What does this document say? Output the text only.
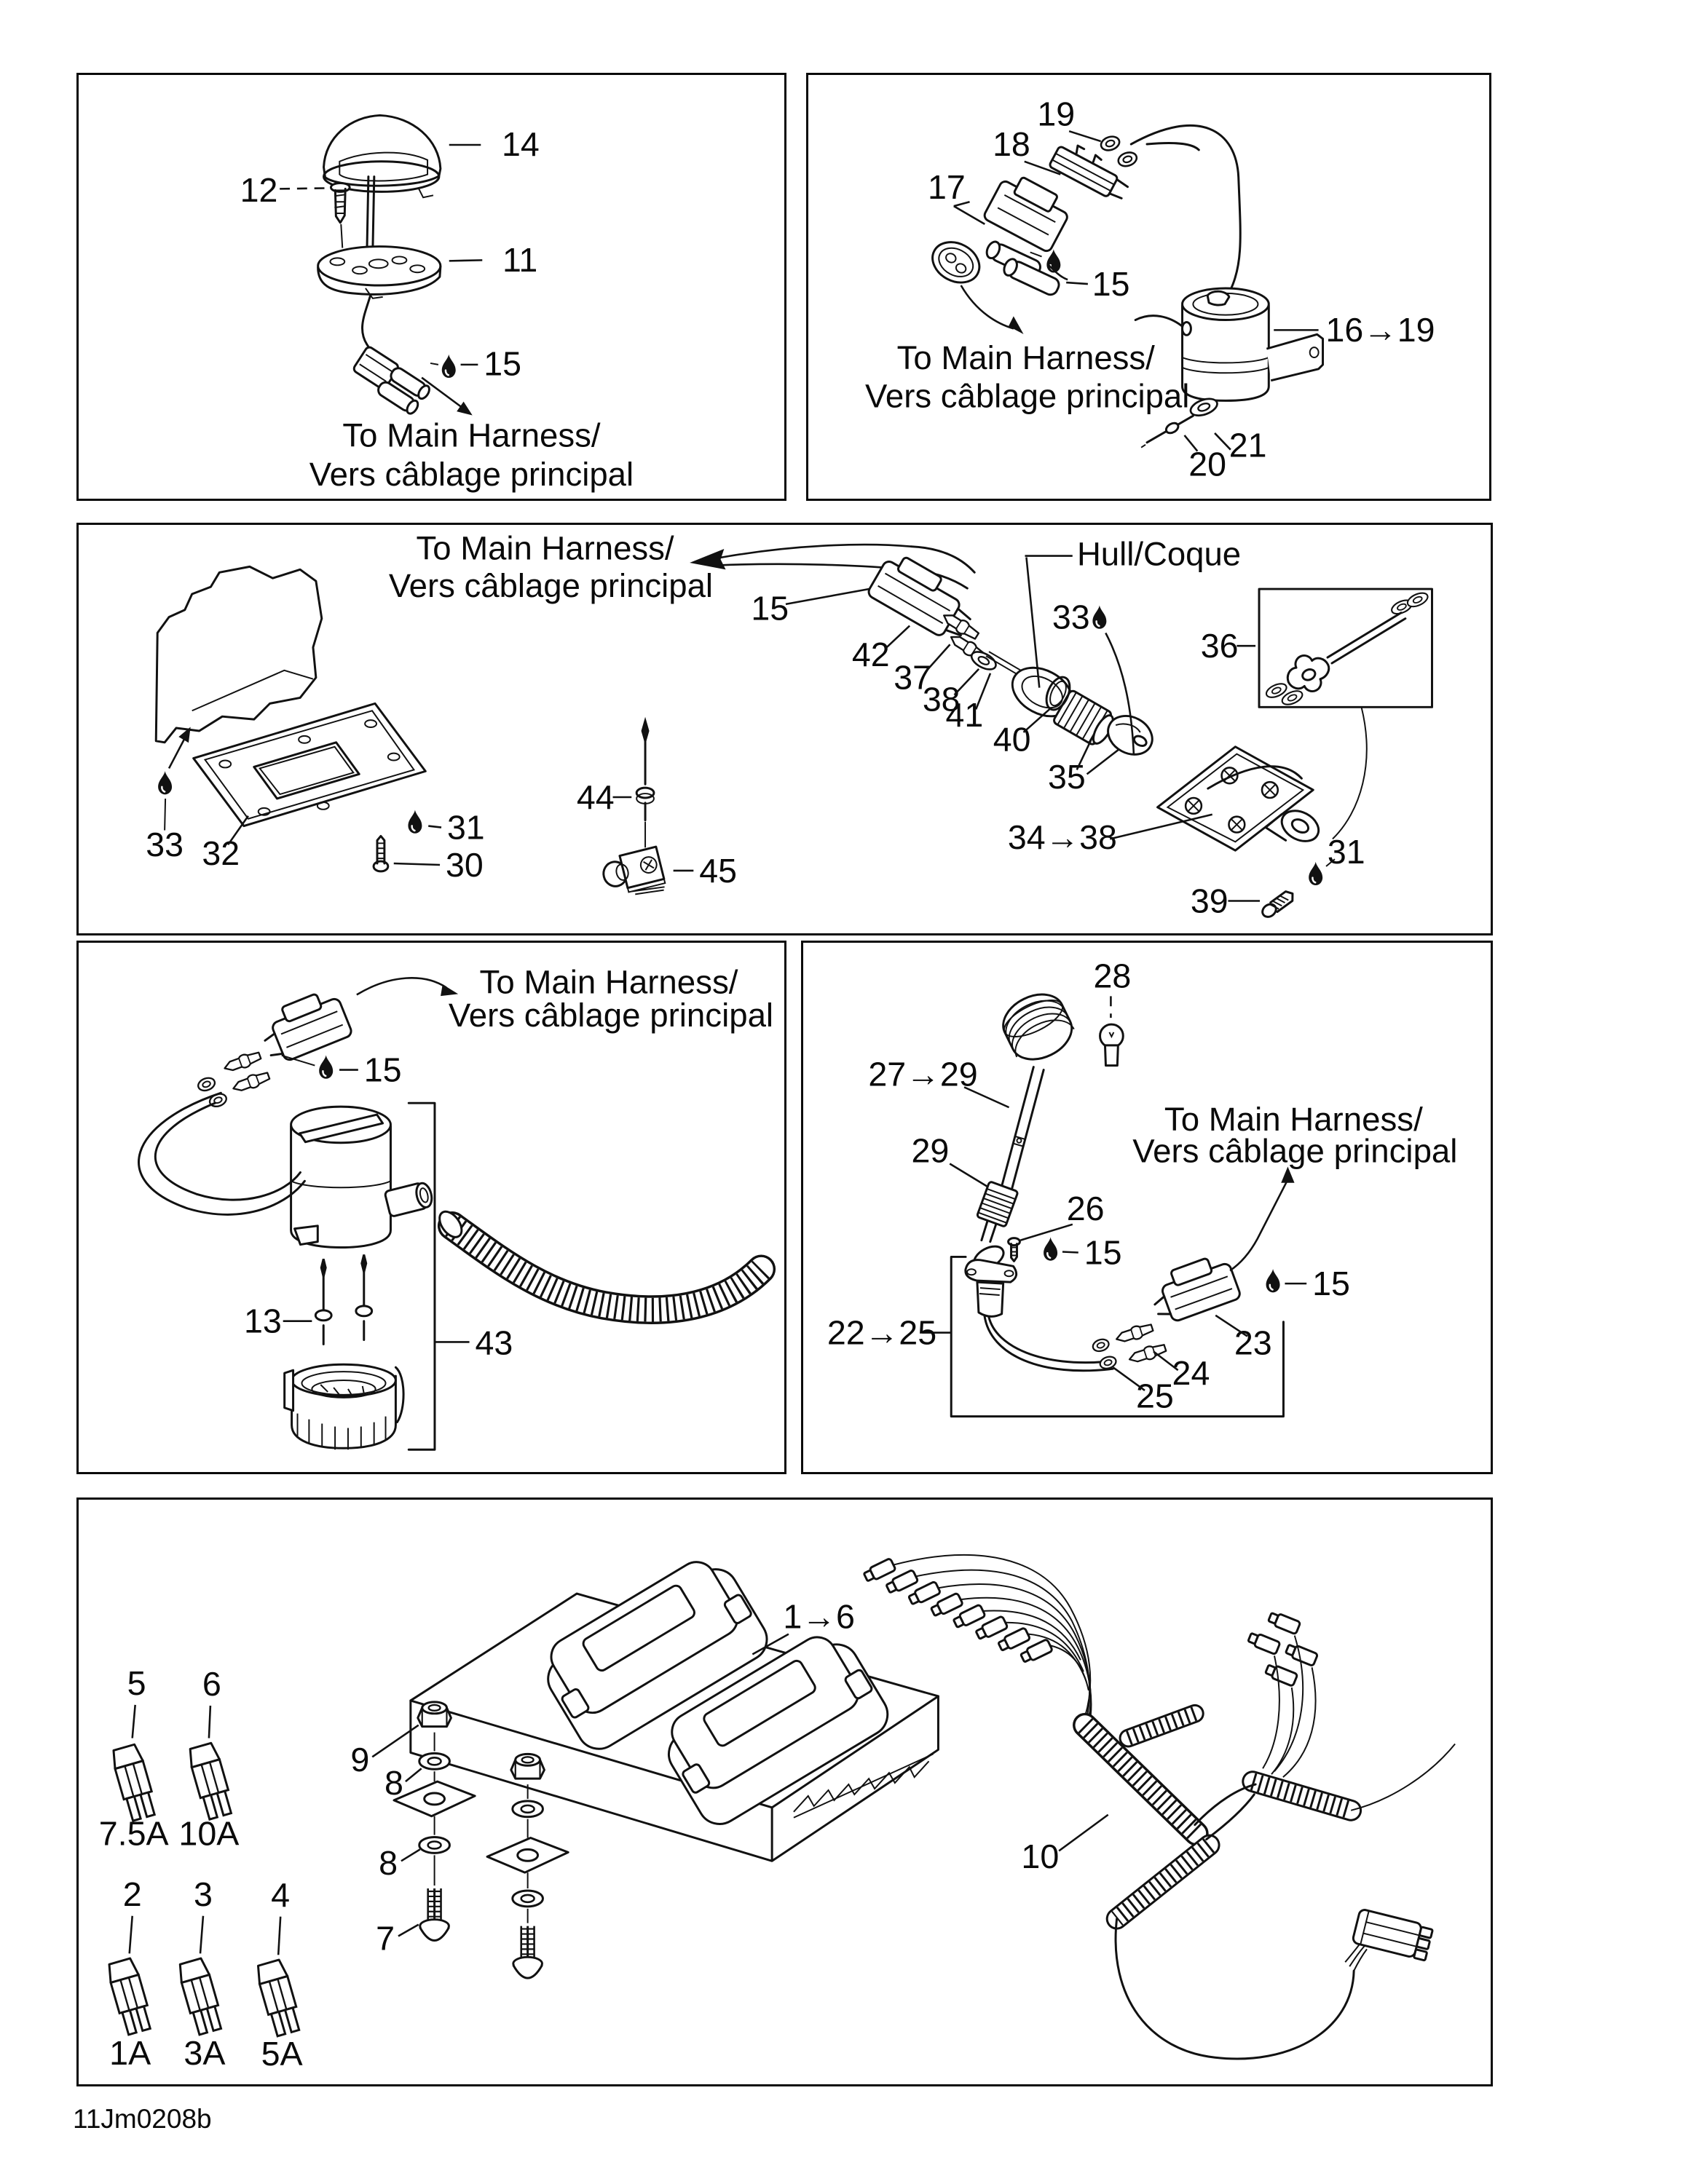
14
12
11
15
To Main Harness/
Vers câblage principal
19
18
17
15
16→19
21
20
To Main Harness/
Vers câblage principal
To Main Harness/
Vers câblage principal
15
42
37
38
41
40
35
33
Hull/Coque
36
34→38	31
39
33 32
31
30
44
45
To Main Harness/
Vers câblage principal
15
13
43
28
27→29
29
26
15
22→25
24
25
23
15
To Main Harness/
Vers câblage principal
5
7.5A
6
10A
2
1A
3
3A
4
5A
1→6
9
8
8
7
10
11Jm0208b
